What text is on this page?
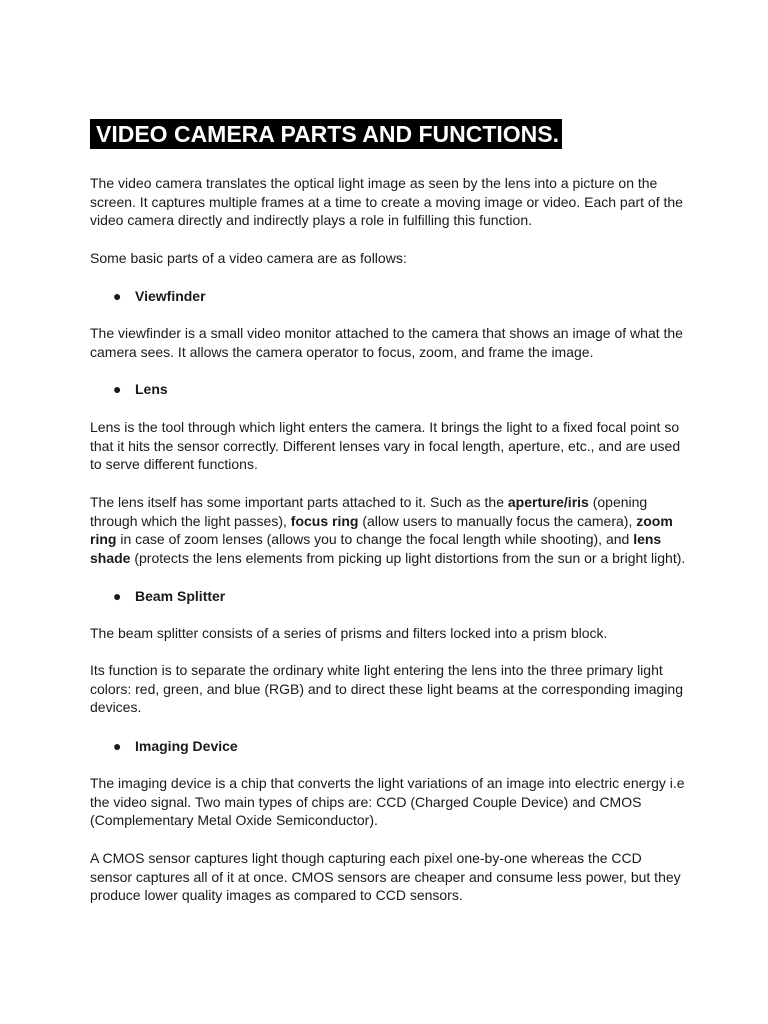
VIDEO CAMERA PARTS AND FUNCTIONS.

The video camera translates the optical light image as seen by the lens into a picture on the
screen. It captures multiple frames at a time to create a moving image or video. Each part of the
video camera directly and indirectly plays a role in fulfilling this function.

Some basic parts of a video camera are as follows:

● Viewfinder

The viewfinder is a small video monitor attached to the camera that shows an image of what the
camera sees. It allows the camera operator to focus, zoom, and frame the image.

● Lens

Lens is the tool through which light enters the camera. It brings the light to a fixed focal point so
that it hits the sensor correctly. Different lenses vary in focal length, aperture, etc., and are used
to serve different functions.

The lens itself has some important parts attached to it. Such as the aperture/iris (opening
through which the light passes), focus ring (allow users to manually focus the camera), zoom
ring in case of zoom lenses (allows you to change the focal length while shooting), and lens
shade (protects the lens elements from picking up light distortions from the sun or a bright light).

● Beam Splitter

The beam splitter consists of a series of prisms and filters locked into a prism block.

Its function is to separate the ordinary white light entering the lens into the three primary light
colors: red, green, and blue (RGB) and to direct these light beams at the corresponding imaging
devices.

● Imaging Device

The imaging device is a chip that converts the light variations of an image into electric energy i.e
the video signal. Two main types of chips are: CCD (Charged Couple Device) and CMOS
(Complementary Metal Oxide Semiconductor).

A CMOS sensor captures light though capturing each pixel one-by-one whereas the CCD
sensor captures all of it at once. CMOS sensors are cheaper and consume less power, but they
produce lower quality images as compared to CCD sensors.
